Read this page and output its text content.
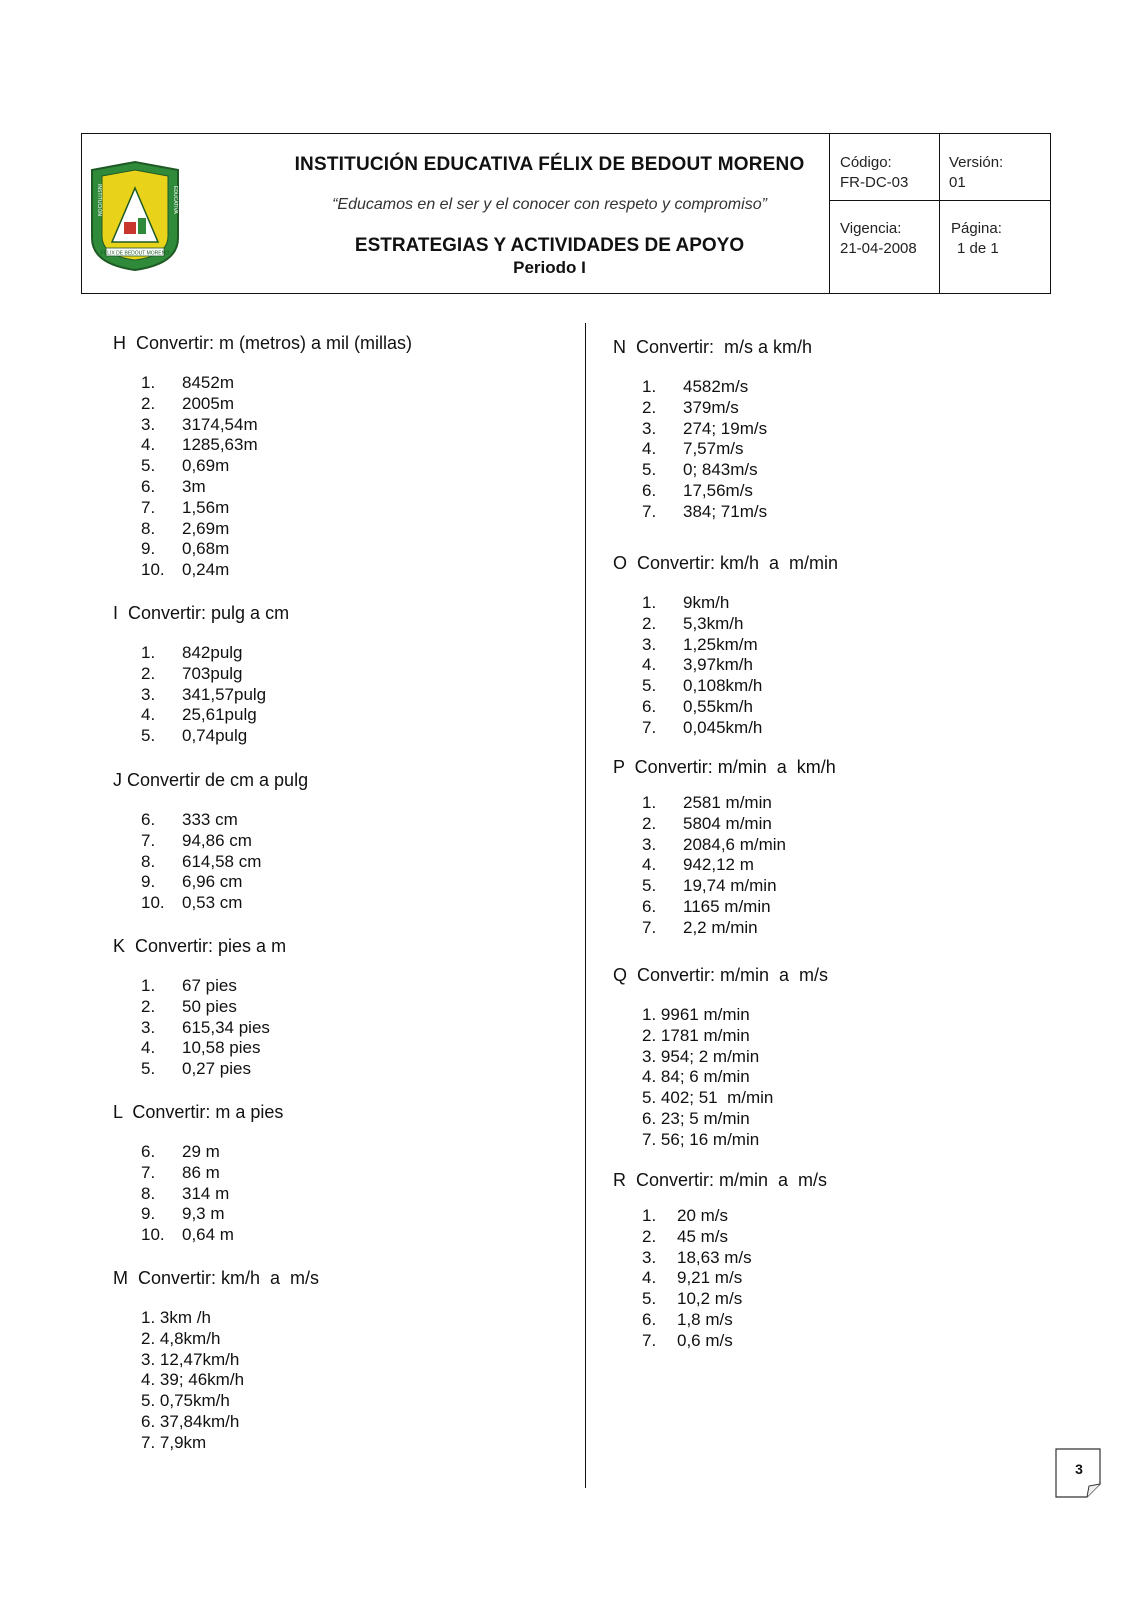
FÉLIX DE BEDOUT MORENO
INSTITUCIÓN	EDUCATIVA
INSTITUCIÓN EDUCATIVA FÉLIX DE BEDOUT MORENO
“Educamos en el ser y el conocer con respeto y compromiso”
ESTRATEGIAS Y ACTIVIDADES DE APOYO
Periodo I
Código:
FR-DC-03
Versión:
01
Vigencia:
21-04-2008
Página:
1 de 1
H  Convertir: m (metros) a mil (millas)
1. 8452m
2. 2005m
3. 3174,54m
4. 1285,63m
5. 0,69m
6. 3m
7. 1,56m
8. 2,69m
9. 0,68m
10. 0,24m
I  Convertir: pulg a cm
1. 842pulg
2. 703pulg
3. 341,57pulg
4. 25,61pulg
5. 0,74pulg
J Convertir de cm a pulg
6. 333 cm
7. 94,86 cm
8. 614,58 cm
9. 6,96 cm
10. 0,53 cm
K  Convertir: pies a m
1. 67 pies
2. 50 pies
3. 615,34 pies
4. 10,58 pies
5. 0,27 pies
L  Convertir: m a pies
6. 29 m
7. 86 m
8. 314 m
9. 9,3 m
10. 0,64 m
M  Convertir: km/h  a  m/s
1. 3km /h
2. 4,8km/h
3. 12,47km/h
4. 39; 46km/h
5. 0,75km/h
6. 37,84km/h
7. 7,9km
N  Convertir:  m/s a km/h
1. 4582m/s
2. 379m/s
3. 274; 19m/s
4. 7,57m/s
5. 0; 843m/s
6. 17,56m/s
7. 384; 71m/s
O  Convertir: km/h  a  m/min
1. 9km/h
2. 5,3km/h
3. 1,25km/m
4. 3,97km/h
5. 0,108km/h
6. 0,55km/h
7. 0,045km/h
P  Convertir: m/min  a  km/h
1. 2581 m/min
2. 5804 m/min
3. 2084,6 m/min
4. 942,12 m
5. 19,74 m/min
6. 1165 m/min
7. 2,2 m/min
Q  Convertir: m/min  a  m/s
1. 9961 m/min
2. 1781 m/min
3. 954; 2 m/min
4. 84; 6 m/min
5. 402; 51  m/min
6. 23; 5 m/min
7. 56; 16 m/min
R  Convertir: m/min  a  m/s
1. 20 m/s
2. 45 m/s
3. 18,63 m/s
4. 9,21 m/s
5. 10,2 m/s
6. 1,8 m/s
7. 0,6 m/s
3
